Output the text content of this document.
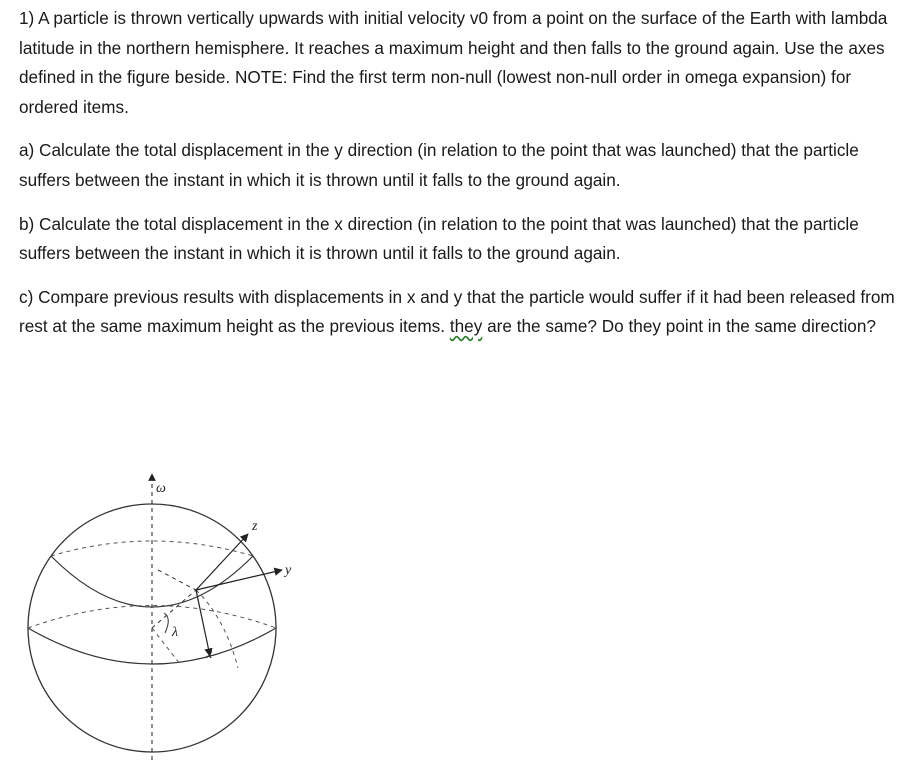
1) A particle is thrown vertically upwards with initial velocity v0 from a point on the surface of the Earth with lambda latitude in the northern hemisphere. It reaches a maximum height and then falls to the ground again. Use the axes defined in the figure beside. NOTE: Find the first term non-null (lowest non-null order in omega expansion) for ordered items.

a) Calculate the total displacement in the y direction (in relation to the point that was launched) that the particle suffers between the instant in which it is thrown until it falls to the ground again.

b) Calculate the total displacement in the x direction (in relation to the point that was launched) that the particle suffers between the instant in which it is thrown until it falls to the ground again.

c) Compare previous results with displacements in x and y that the particle would suffer if it had been released from rest at the same maximum height as the previous items. they are the same? Do they point in the same direction?

λ
ω
z
y
x
